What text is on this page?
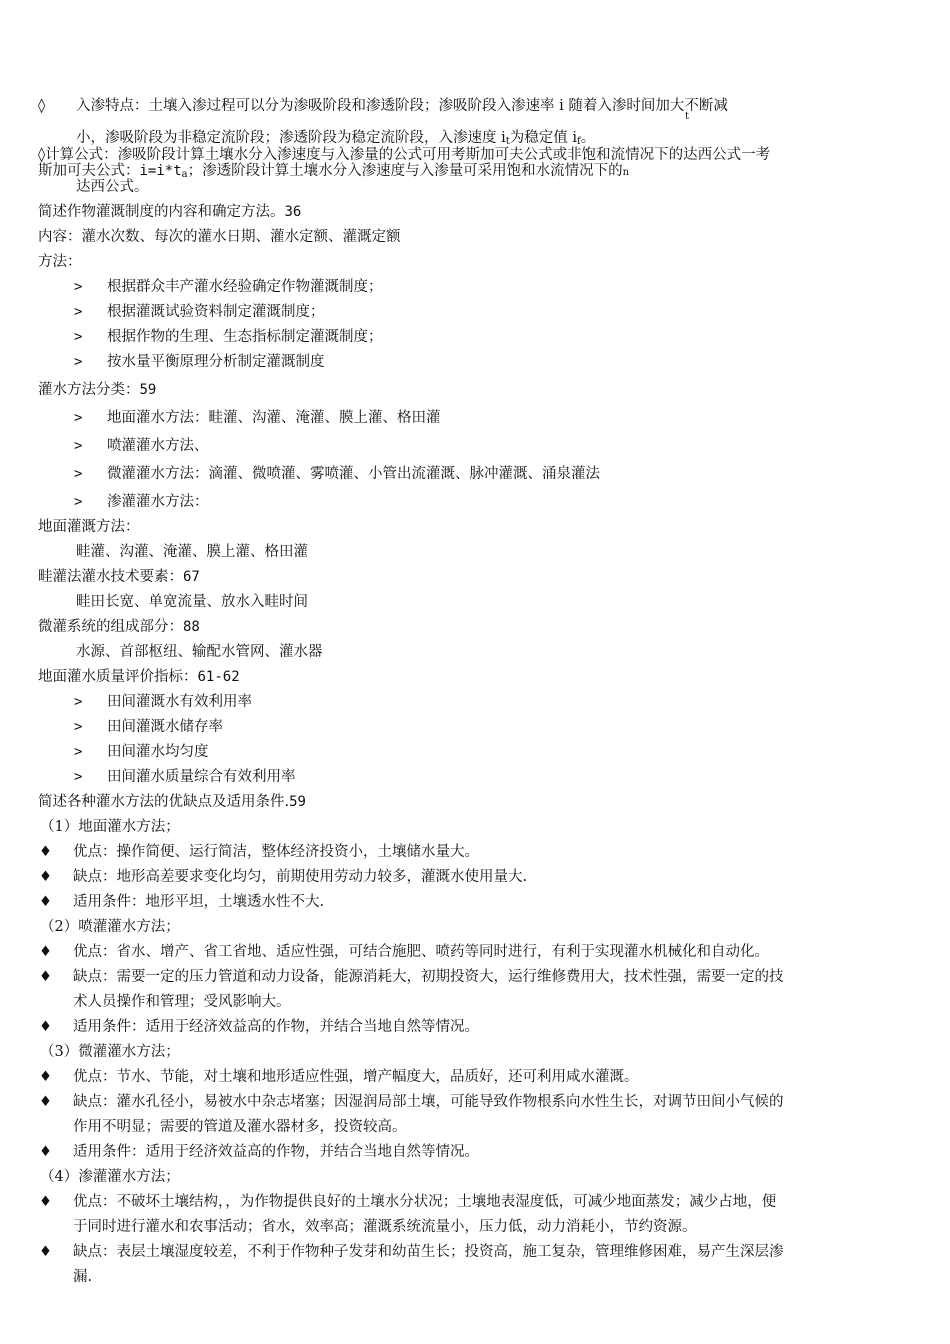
◊ 入渗特点：土壤入渗过程可以分为渗吸阶段和渗透阶段；渗吸阶段入渗速率 i 随着入渗时间加大不断减
t
小，渗吸阶段为非稳定流阶段；渗透阶段为稳定流阶段，入渗速度 $i_t$为稳定值 $i_f$。
◊计算公式：渗吸阶段计算土壤水分入渗速度与入渗量的公式可用考斯加可夫公式或非饱和流情况下的达西公式一考
斯加可夫公式：$i=i*t_a$；渗透阶段计算土壤水分入渗速度与入渗量可采用饱和水流情况下的n
达西公式。
简述作物灌溉制度的内容和确定方法。36
内容：灌水次数、每次的灌水日期、灌水定额、灌溉定额
方法：
> 根据群众丰产灌水经验确定作物灌溉制度；
> 根据灌溉试验资料制定灌溉制度；
> 根据作物的生理、生态指标制定灌溉制度；
> 按水量平衡原理分析制定灌溉制度
灌水方法分类：59
> 地面灌水方法：畦灌、沟灌、淹灌、膜上灌、格田灌
> 喷灌灌水方法、
> 微灌灌水方法：滴灌、微喷灌、雾喷灌、小管出流灌溉、脉冲灌溉、涌泉灌法
> 渗灌灌水方法：
地面灌溉方法：
畦灌、沟灌、淹灌、膜上灌、格田灌
畦灌法灌水技术要素：67
畦田长宽、单宽流量、放水入畦时间
微灌系统的组成部分：88
水源、首部枢纽、输配水管网、灌水器
地面灌水质量评价指标：61-62
> 田间灌溉水有效利用率
> 田间灌溉水储存率
> 田间灌水均匀度
> 田间灌水质量综合有效利用率
简述各种灌水方法的优缺点及适用条件.59
（1）地面灌水方法；
♦ 优点：操作简便、运行简洁，整体经济投资小，土壤储水量大。
♦ 缺点：地形高差要求变化均匀，前期使用劳动力较多，灌溉水使用量大.
♦ 适用条件：地形平坦，土壤透水性不大.
（2）喷灌灌水方法；
♦ 优点：省水、增产、省工省地、适应性强，可结合施肥、喷药等同时进行，有利于实现灌水机械化和自动化。
♦ 缺点：需要一定的压力管道和动力设备，能源消耗大，初期投资大，运行维修费用大，技术性强，需要一定的技
术人员操作和管理；受风影响大。
♦ 适用条件：适用于经济效益高的作物，并结合当地自然等情况。
（3）微灌灌水方法；
♦ 优点：节水、节能，对土壤和地形适应性强，增产幅度大，品质好，还可利用咸水灌溉。
♦ 缺点：灌水孔径小，易被水中杂志堵塞；因湿润局部土壤，可能导致作物根系向水性生长，对调节田间小气候的
作用不明显；需要的管道及灌水器材多，投资较高。
♦ 适用条件：适用于经济效益高的作物，并结合当地自然等情况。
（4）渗灌灌水方法；
♦ 优点：不破坏土壤结构，，为作物提供良好的土壤水分状况；土壤地表湿度低，可减少地面蒸发；减少占地，便
于同时进行灌水和农事活动；省水，效率高；灌溉系统流量小，压力低，动力消耗小，节约资源。
♦ 缺点：表层土壤湿度较差，不利于作物种子发芽和幼苗生长；投资高，施工复杂，管理维修困难，易产生深层渗
漏.
